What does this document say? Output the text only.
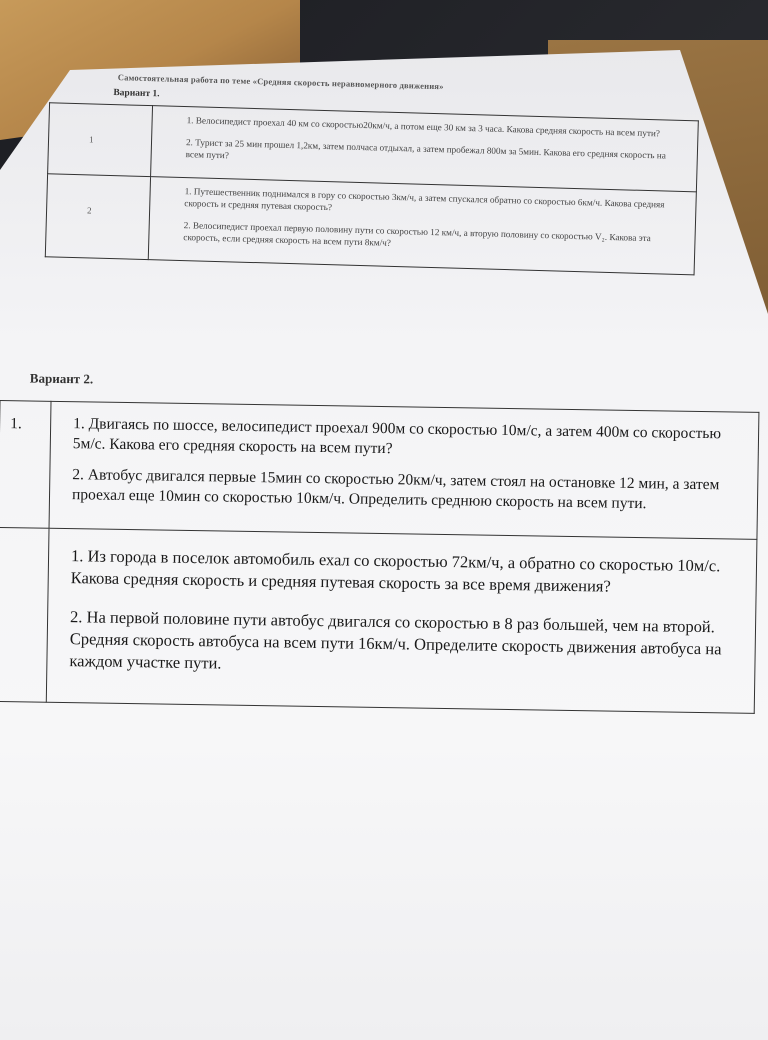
Самостоятельная работа по теме «Средняя скорость неравномерного движения»
Вариант 1.
1	1. Велосипедист проехал 40 км со скоростью20км/ч, а потом еще 30 км за 3 часа. Какова средняя скорость на всем пути?

2. Турист за 25 мин прошел 1,2км, затем полчаса отдыхал, а затем пробежал 800м за 5мин. Какова его средняя скорость на всем пути?

2	1. Путешественник поднимался в гору со скоростью 3км/ч, а затем спускался обратно со скоростью 6км/ч. Какова средняя скорость и средняя путевая скорость?

2. Велосипедист проехал первую половину пути со скоростью 12 км/ч, а вторую половину со скоростью V₂. Какова эта скорость, если средняя скорость на всем пути 8км/ч?

Вариант 2.
1.	1. Двигаясь по шоссе, велосипедист проехал 900м со скоростью 10м/с, а затем 400м со скоростью 5м/с. Какова его средняя скорость на всем пути?

2. Автобус двигался первые 15мин со скоростью 20км/ч, затем стоял на остановке 12 мин, а затем проехал еще 10мин со скоростью 10км/ч. Определить среднюю скорость на всем пути.

	1. Из города в поселок автомобиль ехал со скоростью 72км/ч, а обратно со скоростью 10м/с. Какова средняя скорость и средняя путевая скорость за все время движения?

2. На первой половине пути автобус двигался со скоростью в 8 раз большей, чем на второй. Средняя скорость автобуса на всем пути 16км/ч. Определите скорость движения автобуса на каждом участке пути.
